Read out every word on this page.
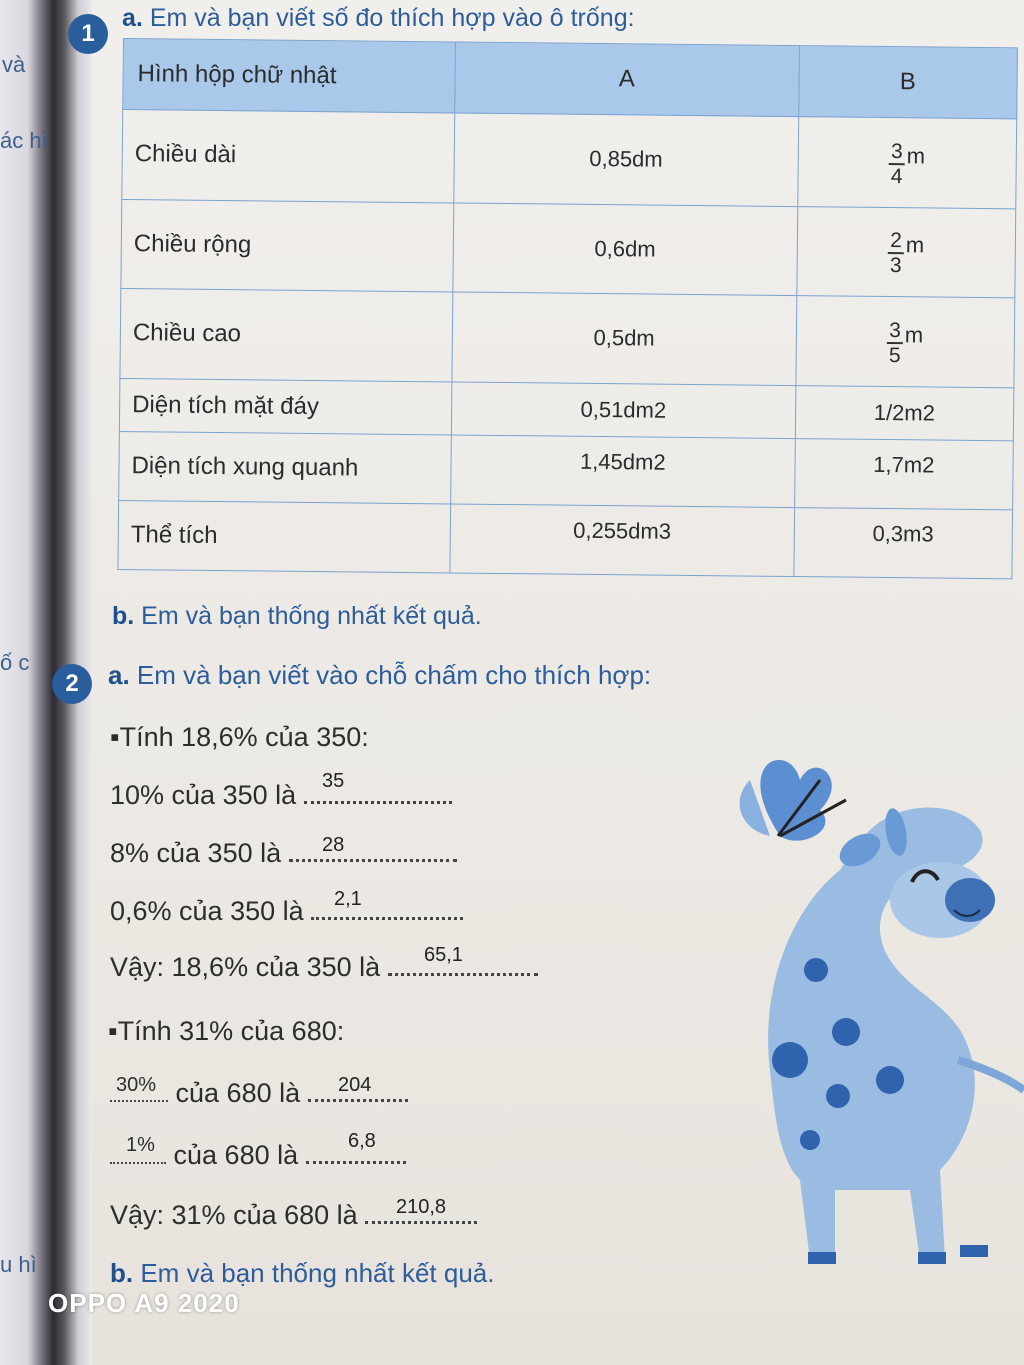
và
ác hì
ố c
u hì
1
a. Em và bạn viết số đo thích hợp vào ô trống:
Hình hộp chữ nhật	A	B
Chiều dài	0,85dm	$\frac{3}{4}$ m

Chiều rộng	0,6dm	$\frac{2}{3}$ m

Chiều cao	0,5dm	$\frac{3}{5}$ m

Diện tích mặt đáy	0,51dm2	1/2m2
Diện tích xung quanh	1,45dm2	1,7m2
Thể tích	0,255dm3	0,3m3
b. Em và bạn thống nhất kết quả.
2	a. Em và bạn viết vào chỗ chấm cho thích hợp:
▪Tính 18,6% của 350:
10% của 350 là	35
8% của 350 là	28
0,6% của 350 là	2,1
Vậy: 18,6% của 350 là	65,1
▪Tính 31% của 680:
30% của 680 là	204
1% của 680 là	6,8
Vậy: 31% của 680 là	210,8
b. Em và bạn thống nhất kết quả.
OPPO A9 2020
